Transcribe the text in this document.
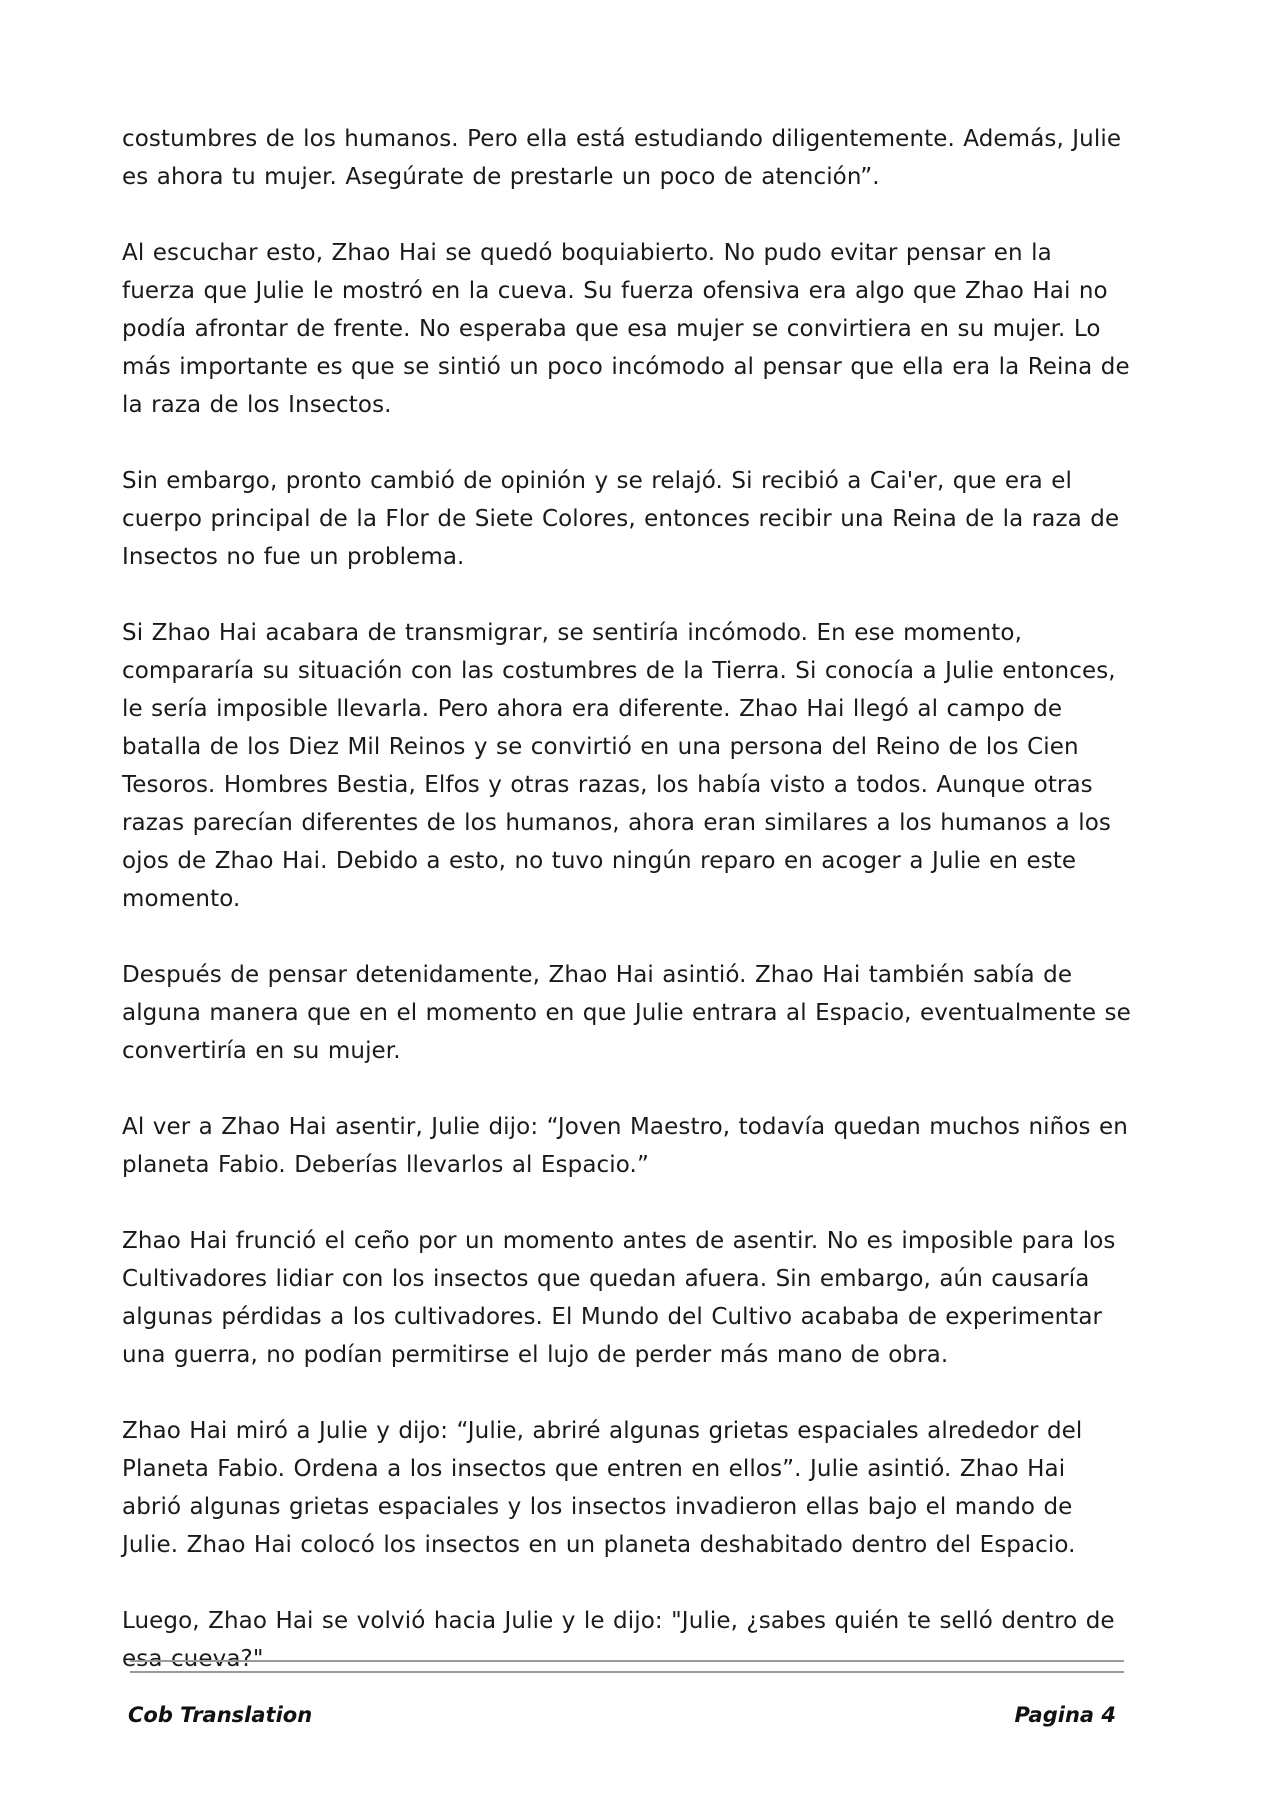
costumbres de los humanos. Pero ella está estudiando diligentemente. Además, Julie es ahora tu mujer. Asegúrate de prestarle un poco de atención”.

Al escuchar esto, Zhao Hai se quedó boquiabierto. No pudo evitar pensar en la fuerza que Julie le mostró en la cueva. Su fuerza ofensiva era algo que Zhao Hai no podía afrontar de frente. No esperaba que esa mujer se convirtiera en su mujer. Lo más importante es que se sintió un poco incómodo al pensar que ella era la Reina de la raza de los Insectos.

Sin embargo, pronto cambió de opinión y se relajó. Si recibió a Cai'er, que era el cuerpo principal de la Flor de Siete Colores, entonces recibir una Reina de la raza de Insectos no fue un problema.

Si Zhao Hai acabara de transmigrar, se sentiría incómodo. En ese momento, compararía su situación con las costumbres de la Tierra. Si conocía a Julie entonces, le sería imposible llevarla. Pero ahora era diferente. Zhao Hai llegó al campo de batalla de los Diez Mil Reinos y se convirtió en una persona del Reino de los Cien Tesoros. Hombres Bestia, Elfos y otras razas, los había visto a todos. Aunque otras razas parecían diferentes de los humanos, ahora eran similares a los humanos a los ojos de Zhao Hai. Debido a esto, no tuvo ningún reparo en acoger a Julie en este momento.

Después de pensar detenidamente, Zhao Hai asintió. Zhao Hai también sabía de alguna manera que en el momento en que Julie entrara al Espacio, eventualmente se convertiría en su mujer.

Al ver a Zhao Hai asentir, Julie dijo: “Joven Maestro, todavía quedan muchos niños en planeta Fabio. Deberías llevarlos al Espacio.”

Zhao Hai frunció el ceño por un momento antes de asentir. No es imposible para los Cultivadores lidiar con los insectos que quedan afuera. Sin embargo, aún causaría algunas pérdidas a los cultivadores. El Mundo del Cultivo acababa de experimentar una guerra, no podían permitirse el lujo de perder más mano de obra.

Zhao Hai miró a Julie y dijo: “Julie, abriré algunas grietas espaciales alrededor del Planeta Fabio. Ordena a los insectos que entren en ellos”. Julie asintió. Zhao Hai abrió algunas grietas espaciales y los insectos invadieron ellas bajo el mando de Julie. Zhao Hai colocó los insectos en un planeta deshabitado dentro del Espacio.

Luego, Zhao Hai se volvió hacia Julie y le dijo: "Julie, ¿sabes quién te selló dentro de esa cueva?"

Cob Translation	Pagina 4
